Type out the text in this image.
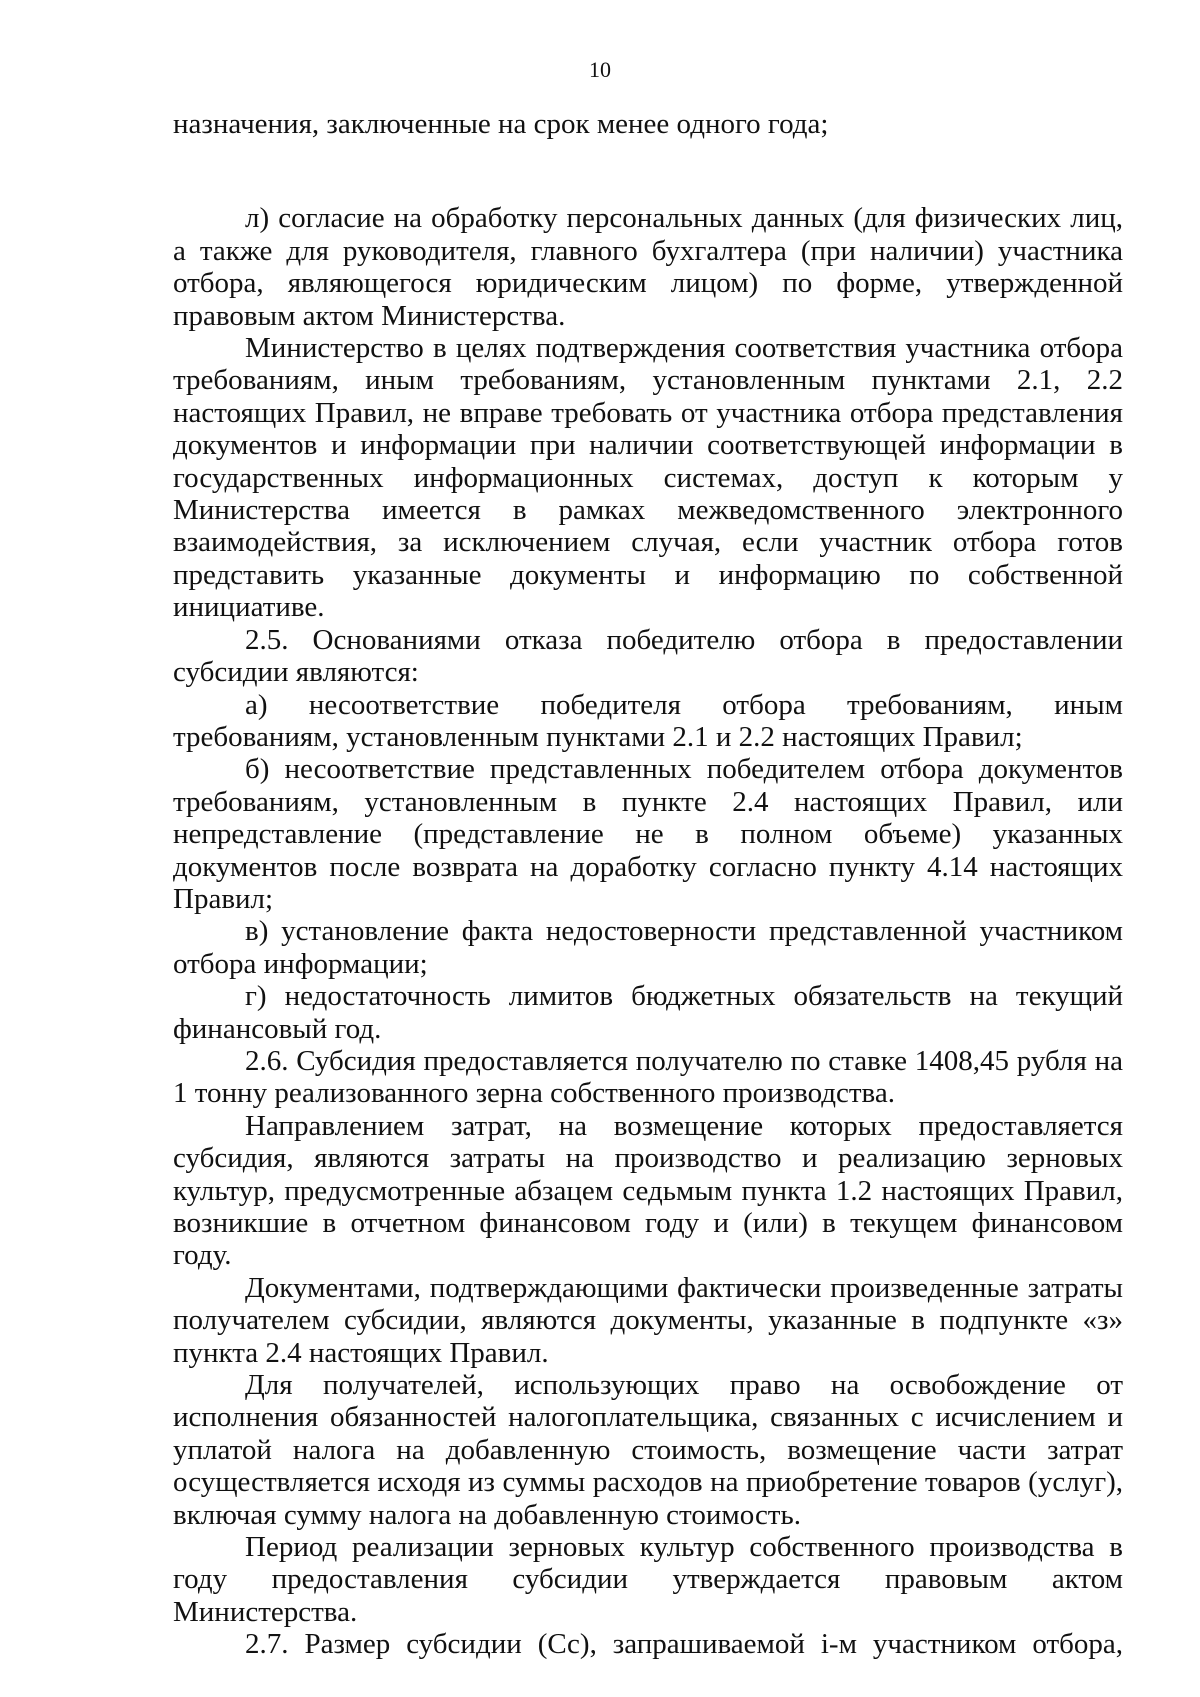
10

назначения, заключенные на срок менее одного года;

л) согласие на обработку персональных данных (для физических лиц, а также для руководителя, главного бухгалтера (при наличии) участника отбора, являющегося юридическим лицом) по форме, утвержденной правовым актом Министерства.

Министерство в целях подтверждения соответствия участника отбора требованиям, иным требованиям, установленным пунктами 2.1, 2.2 настоящих Правил, не вправе требовать от участника отбора представления документов и информации при наличии соответствующей информации в государственных информационных системах, доступ к которым у Министерства имеется в рамках межведомственного электронного взаимодействия, за исключением случая, если участник отбора готов представить указанные документы и информацию по собственной инициативе.

2.5. Основаниями отказа победителю отбора в предоставлении субсидии являются:

а) несоответствие победителя отбора требованиям, иным требованиям, установленным пунктами 2.1 и 2.2 настоящих Правил;

б) несоответствие представленных победителем отбора документов требованиям, установленным в пункте 2.4 настоящих Правил, или непредставление (представление не в полном объеме) указанных документов после возврата на доработку согласно пункту 4.14 настоящих Правил;

в) установление факта недостоверности представленной участником отбора информации;

г) недостаточность лимитов бюджетных обязательств на текущий финансовый год.

2.6. Субсидия предоставляется получателю по ставке 1408,45 рубля на 1 тонну реализованного зерна собственного производства.

Направлением затрат, на возмещение которых предоставляется субсидия, являются затраты на производство и реализацию зерновых культур, предусмотренные абзацем седьмым пункта 1.2 настоящих Правил, возникшие в отчетном финансовом году и (или) в текущем финансовом году.

Документами, подтверждающими фактически произведенные затраты получателем субсидии, являются документы, указанные в подпункте «з» пункта 2.4 настоящих Правил.

Для получателей, использующих право на освобождение от исполнения обязанностей налогоплательщика, связанных с исчислением и уплатой налога на добавленную стоимость, возмещение части затрат осуществляется исходя из суммы расходов на приобретение товаров (услуг), включая сумму налога на добавленную стоимость.

Период реализации зерновых культур собственного производства в году предоставления субсидии утверждается правовым актом Министерства.

2.7. Размер субсидии (Сс), запрашиваемой i-м участником отбора,
